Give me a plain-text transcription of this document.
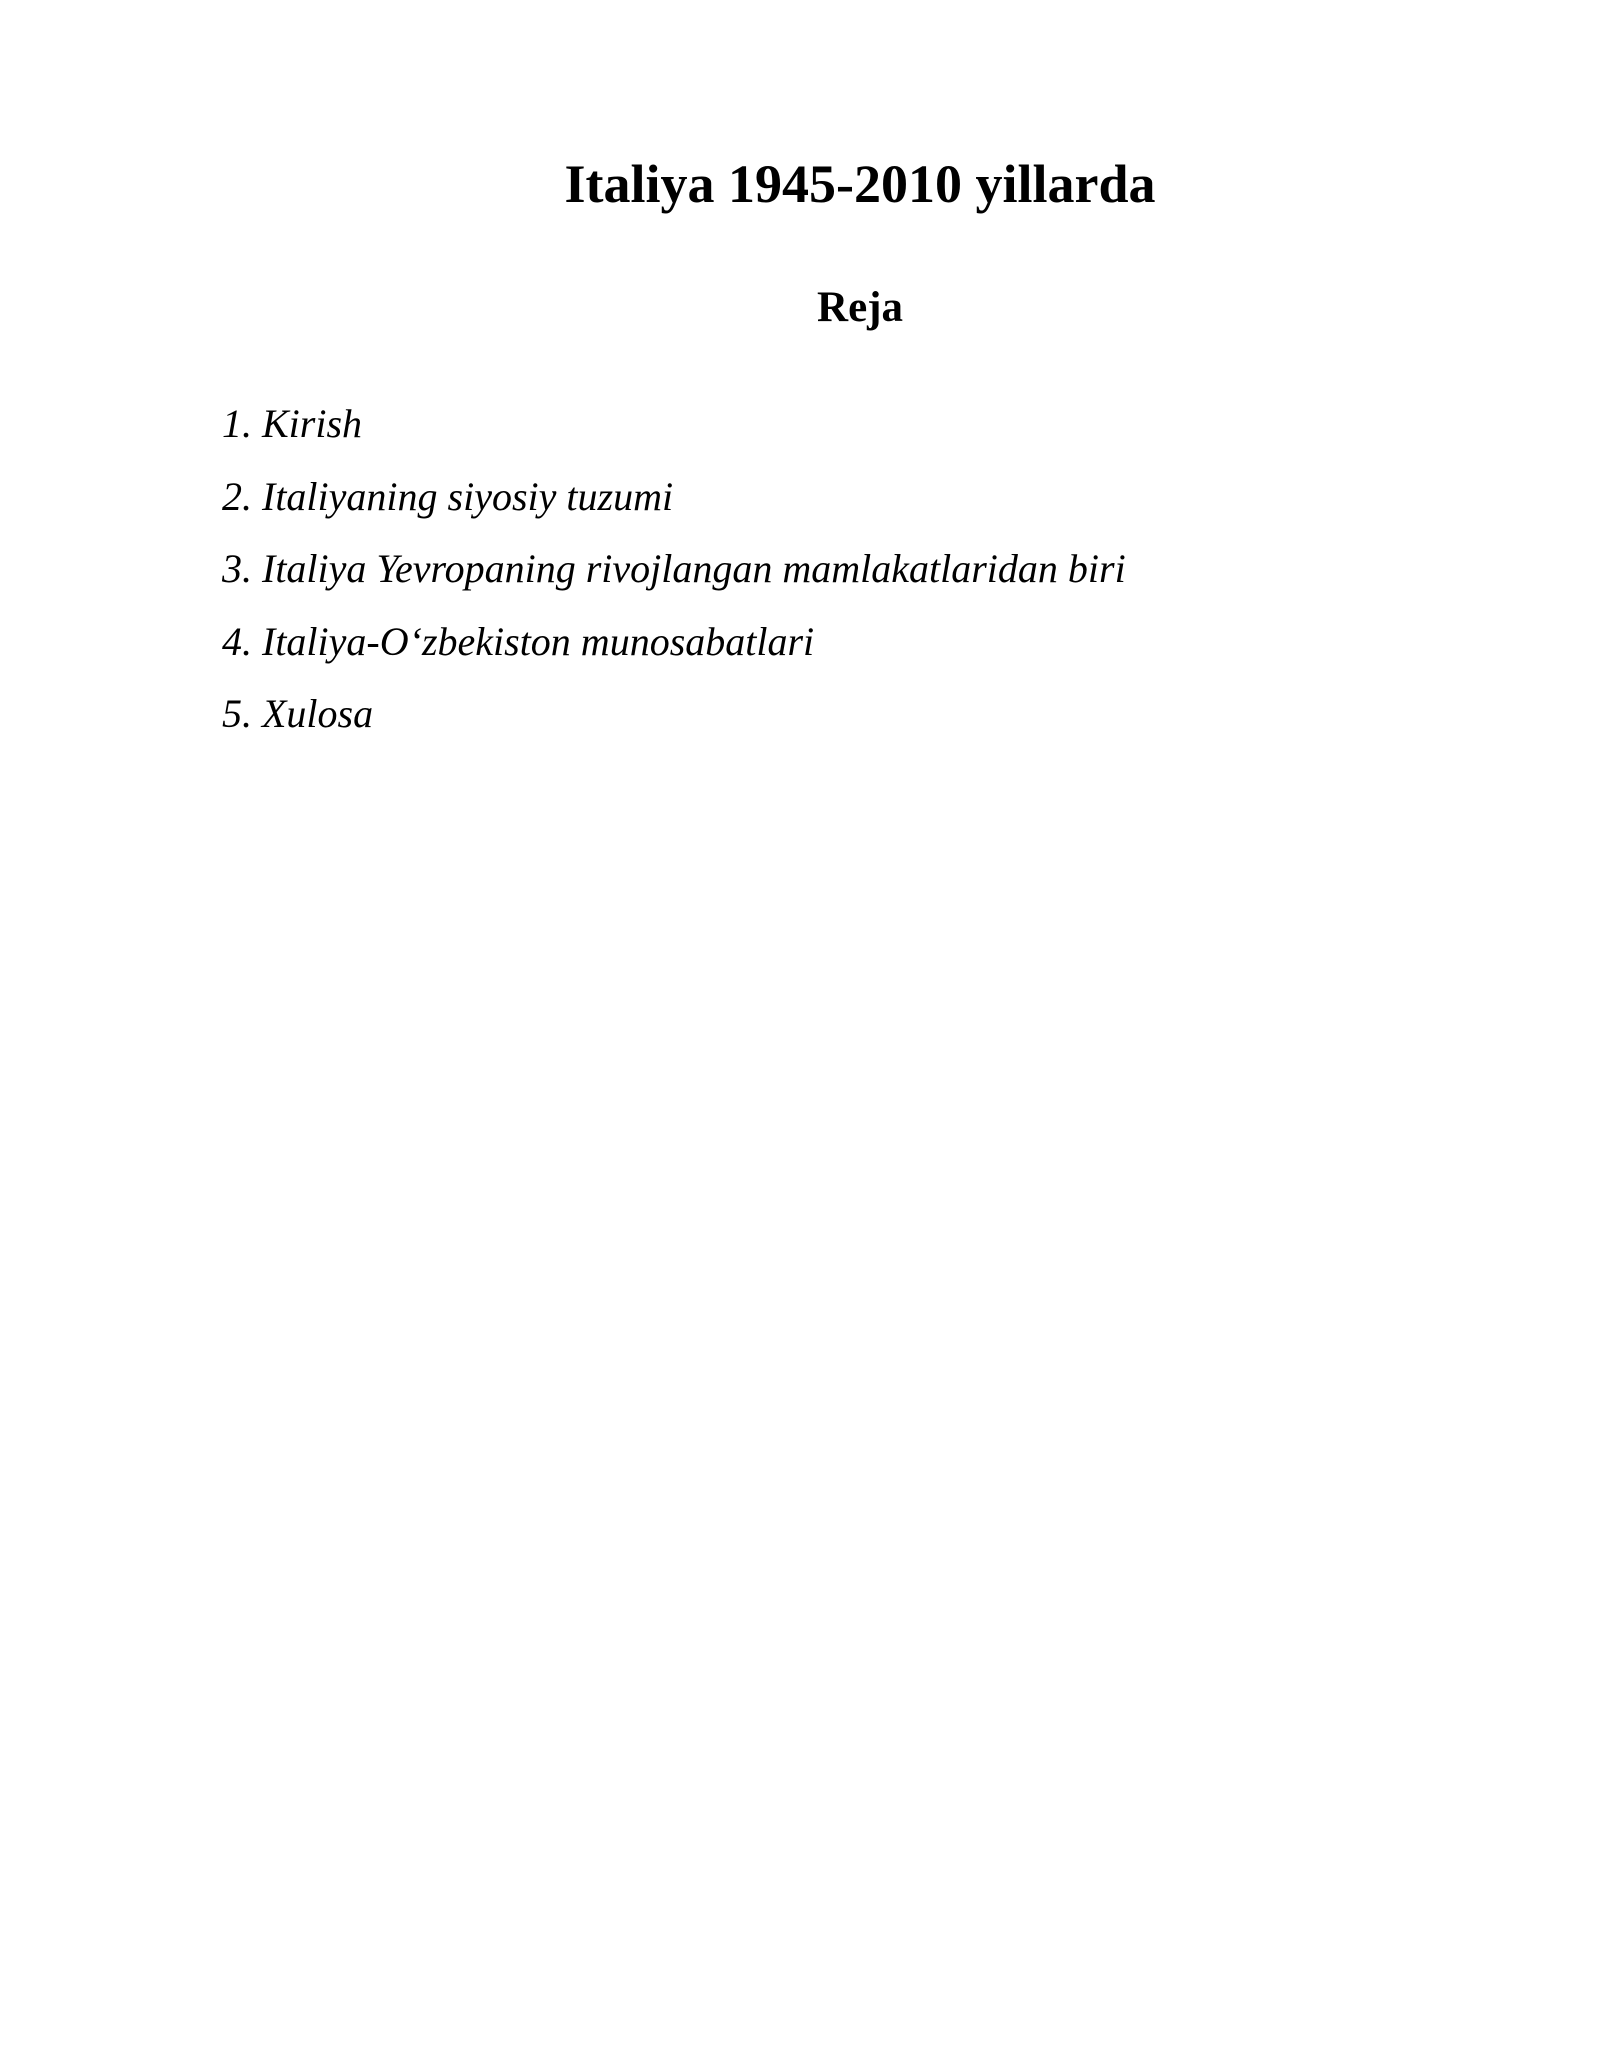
Italiya 1945-2010 yillarda
Reja
1. Kirish
2. Italiyaning siyosiy tuzumi
3. Italiya Yevropaning rivojlangan mamlakatlaridan biri
4. Italiya-O‘zbekiston munosabatlari
5. Xulosa
